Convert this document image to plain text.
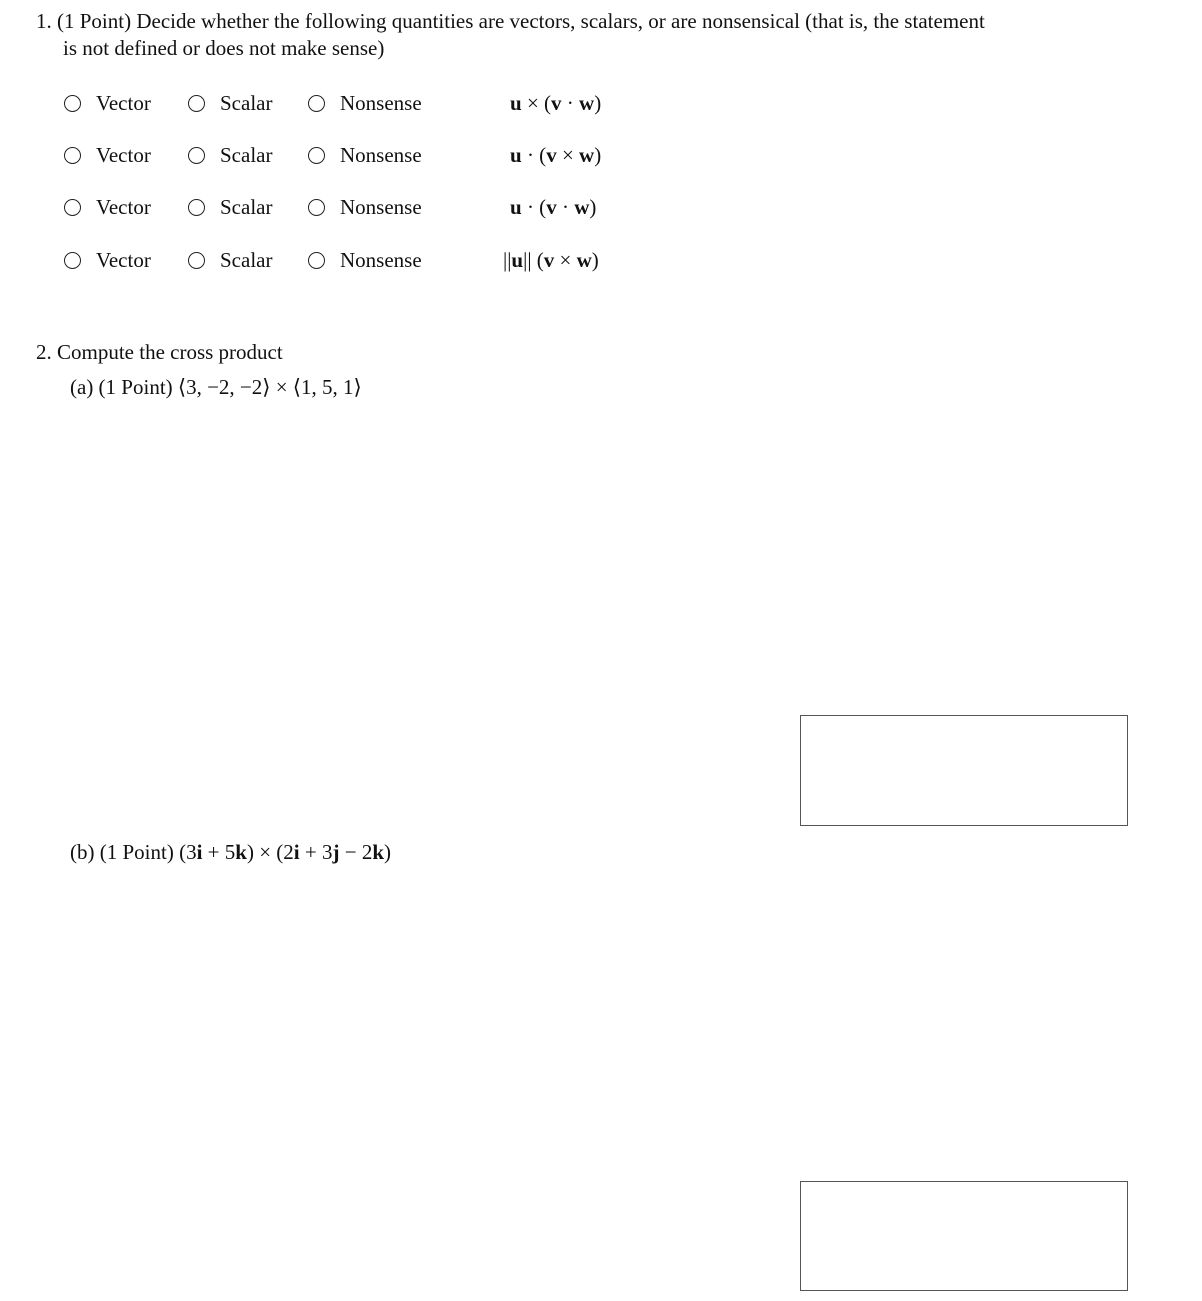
1. (1 Point) Decide whether the following quantities are vectors, scalars, or are nonsensical (that is, the statement
is not defined or does not make sense)
Vector	Scalar	Nonsense	u × (v · w)
Vector	Scalar	Nonsense	u · (v × w)
Vector	Scalar	Nonsense	u · (v · w)
Vector	Scalar	Nonsense	||u|| (v × w)
2. Compute the cross product
(a) (1 Point) ⟨3, −2, −2⟩ × ⟨1, 5, 1⟩
(b) (1 Point) (3i + 5k) × (2i + 3j − 2k)
